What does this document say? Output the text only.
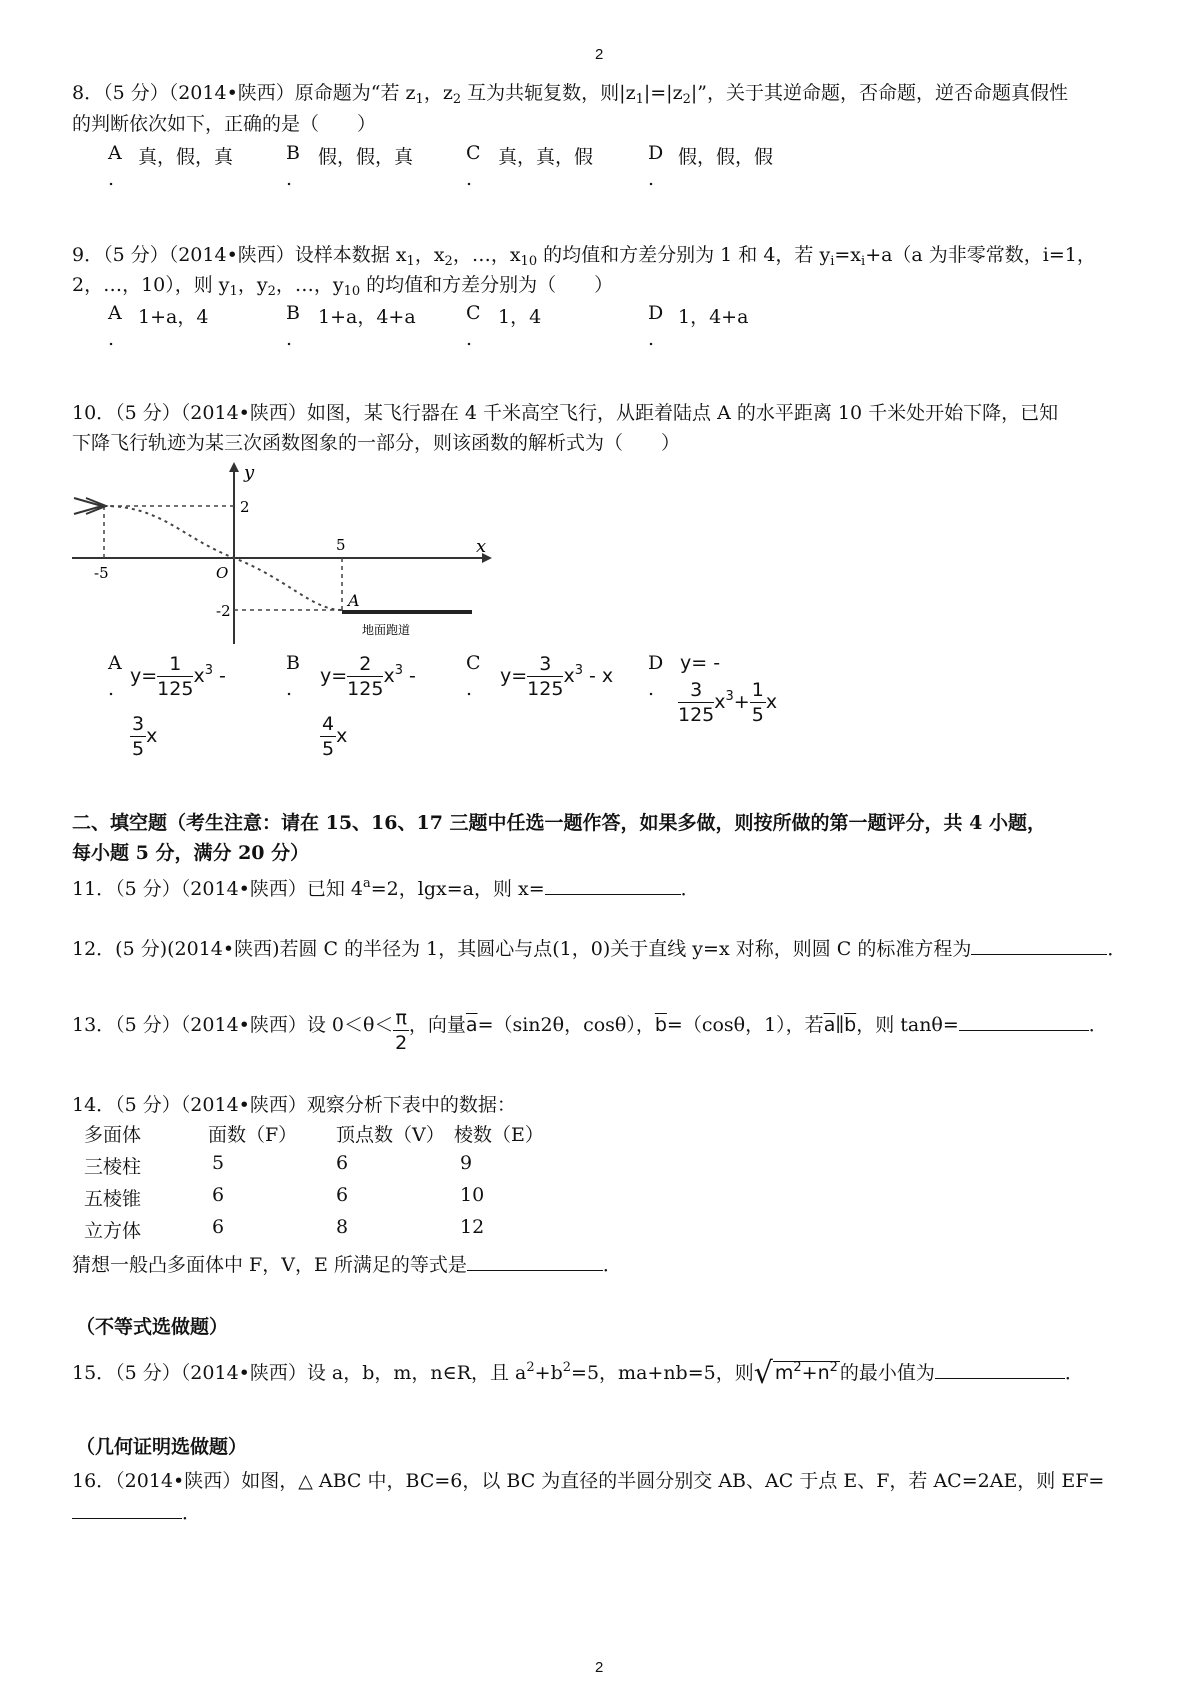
2
2
8．（5 分）（2014•陕西）原命题为“若 $z_1$，$z_2$ 互为共轭复数，则$|z_1|=|z_2|$”，关于其逆命题，否命题，逆否命题真假性
的判断依次如下，正确的是（　　）
A 真，假，真
.
B 假，假，真
.
C 真，真，假
.
D 假，假，假
.
9．（5 分）（2014•陕西）设样本数据 $x_1$，$x_2$，…，$x_{10}$ 的均值和方差分别为 1 和 4，若 $y_i=x_i+a(a$ 为非零常数，i=1，
2，…，10），则 $y_1$，$y_2$，…，$y_{10}$ 的均值和方差分别为（　　）
A 1+a，4
.
B 1+a，4+a
.
C 1，4
.
D 1，4+a
.
10．（5 分）（2014•陕西）如图，某飞行器在 4 千米高空飞行，从距着陆点 A 的水平距离 10 千米处开始下降，已知
下降飞行轨迹为某三次函数图象的一部分，则该函数的解析式为（　　）
y
x
O
2
-2
5
-5
A
地面跑道
A
.
$y= \frac{1}{125} x^3$ -
$\frac{3}{5}$ x
B
.
$y= \frac{2}{125} x^3$ -
$\frac{4}{5}$ x
C
.
$y= \frac{3}{125} x^3 - x$
D
.
y= -
$\frac{3}{125} x^3+ \frac{1}{5}$ x
二、填空题（考生注意：请在 15、16、17 三题中任选一题作答，如果多做，则按所做的第一题评分，共 4 小题，
每小题 5 分，满分 20 分）
11．（5 分）（2014•陕西）已知 $4^a=2$，lgx=a，则 x=	．
12．(5 分)(2014•陕西)若圆 C 的半径为 1，其圆心与点(1，0)关于直线 y=x 对称，则圆 C 的标准方程为	．
13．（5 分）（2014•陕西）设 $0<\theta< \frac{\pi}{2}$ ，向量$\overline{a}=(\sin 2\theta$，cosθ），$\overline{b}=(\cos\theta$，1），若$\overline{a}\parallel\overline{b}$，则 tanθ=	．
14．（5 分）（2014•陕西）观察分析下表中的数据：
多面体	面数（F） 顶点数（V） 棱数（E）
三棱柱	5	6	9
五棱锥	6	6	10
立方体	6	8	12
猜想一般凸多面体中 F，V，E 所满足的等式是	．
（不等式选做题）
15．（5 分）（2014•陕西）设 a，b，m，n∈R，且 $a^2+b^2=5$，ma+nb=5，则√ $m^2+n^2$ 的最小值为	．
（几何证明选做题）
16．（2014•陕西）如图，△ ABC 中，BC=6，以 BC 为直径的半圆分别交 AB、AC 于点 E、F，若 AC=2AE，则 EF=
．
